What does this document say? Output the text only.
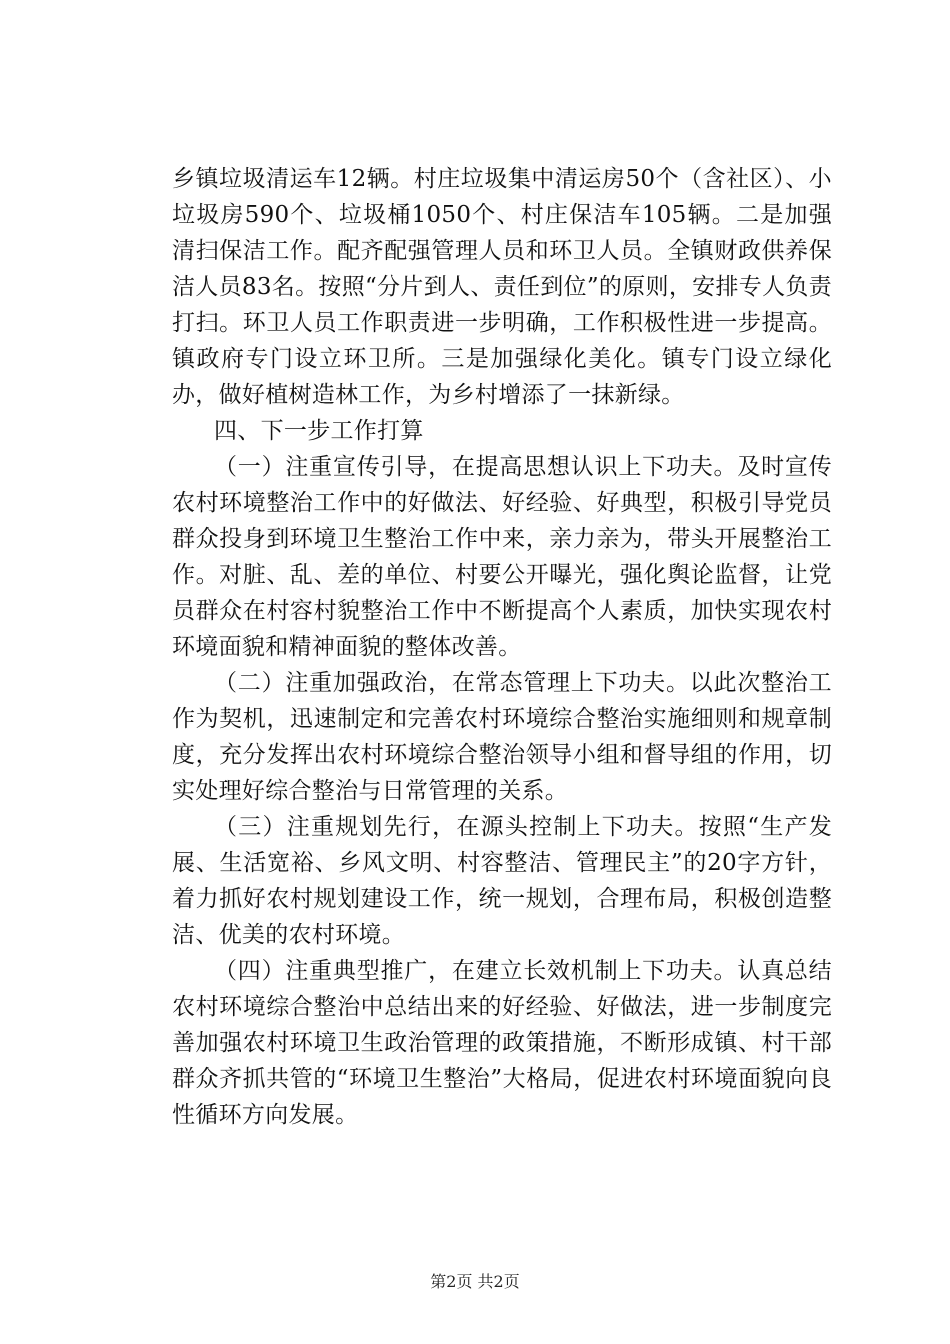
乡镇垃圾清运车12辆。村庄垃圾集中清运房50个（含社区）、小垃圾房590个、垃圾桶1050个、村庄保洁车105辆。二是加强清扫保洁工作。配齐配强管理人员和环卫人员。全镇财政供养保洁人员83名。按照“分片到人、责任到位”的原则，安排专人负责打扫。环卫人员工作职责进一步明确，工作积极性进一步提高。镇政府专门设立环卫所。三是加强绿化美化。镇专门设立绿化办，做好植树造林工作，为乡村增添了一抹新绿。

四、下一步工作打算

（一）注重宣传引导，在提高思想认识上下功夫。及时宣传农村环境整治工作中的好做法、好经验、好典型，积极引导党员群众投身到环境卫生整治工作中来，亲力亲为，带头开展整治工作。对脏、乱、差的单位、村要公开曝光，强化舆论监督，让党员群众在村容村貌整治工作中不断提高个人素质，加快实现农村环境面貌和精神面貌的整体改善。

（二）注重加强政治，在常态管理上下功夫。以此次整治工作为契机，迅速制定和完善农村环境综合整治实施细则和规章制度，充分发挥出农村环境综合整治领导小组和督导组的作用，切实处理好综合整治与日常管理的关系。

（三）注重规划先行，在源头控制上下功夫。按照“生产发展、生活宽裕、乡风文明、村容整洁、管理民主”的20字方针，着力抓好农村规划建设工作，统一规划，合理布局，积极创造整洁、优美的农村环境。

（四）注重典型推广，在建立长效机制上下功夫。认真总结农村环境综合整治中总结出来的好经验、好做法，进一步制度完善加强农村环境卫生政治管理的政策措施，不断形成镇、村干部群众齐抓共管的“环境卫生整治”大格局，促进农村环境面貌向良性循环方向发展。

第2页 共2页
